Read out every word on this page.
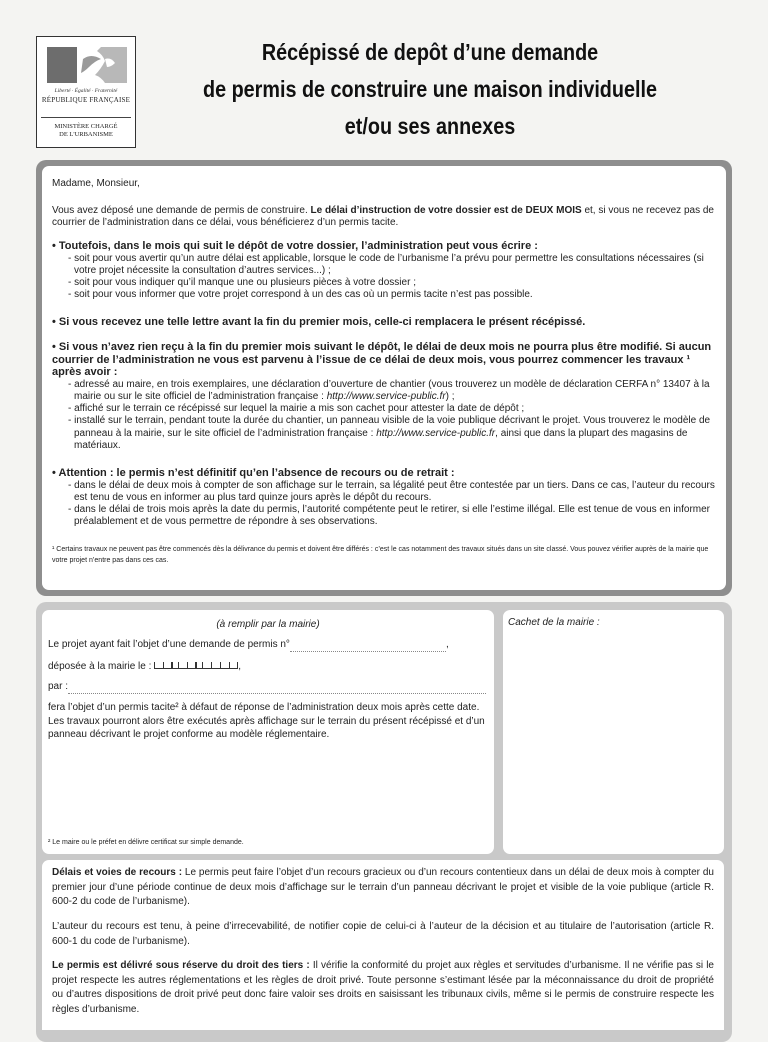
Liberté · Égalité · Fraternité
RÉPUBLIQUE FRANÇAISE
MINISTÈRE CHARGÉ
DE L'URBANISME
Récépissé de depôt d’une demande
de permis de construire une maison individuelle
et/ou ses annexes
Madame, Monsieur,
Vous avez déposé une demande de permis de construire. Le délai d’instruction de votre dossier est de DEUX MOIS et, si vous ne recevez pas de courrier de l’administration dans ce délai, vous bénéficierez d’un permis tacite.
• Toutefois, dans le mois qui suit le dépôt de votre dossier, l’administration peut vous écrire :
- soit pour vous avertir qu’un autre délai est applicable, lorsque le code de l’urbanisme l’a prévu pour permettre les consultations nécessaires (si votre projet nécessite la consultation d’autres services...) ;
- soit pour vous indiquer qu’il manque une ou plusieurs pièces à votre dossier ;
- soit pour vous informer que votre projet correspond à un des cas où un permis tacite n’est pas possible.
• Si vous recevez une telle lettre avant la fin du premier mois, celle-ci remplacera le présent récépissé.
• Si vous n’avez rien reçu à la fin du premier mois suivant le dépôt, le délai de deux mois ne pourra plus être modifié. Si aucun courrier de l’administration ne vous est parvenu à l’issue de ce délai de deux mois, vous pourrez commencer les travaux ¹ après avoir :
- adressé au maire, en trois exemplaires, une déclaration d’ouverture de chantier (vous trouverez un modèle de déclaration CERFA n° 13407 à la mairie ou sur le site officiel de l’administration française : http://www.service-public.fr) ;
- affiché sur le terrain ce récépissé sur lequel la mairie a mis son cachet pour attester la date de dépôt ;
- installé sur le terrain, pendant toute la durée du chantier, un panneau visible de la voie publique décrivant le projet. Vous trouverez le modèle de panneau à la mairie, sur le site officiel de l’administration française : http://www.service-public.fr, ainsi que dans la plupart des magasins de matériaux.
• Attention : le permis n’est définitif qu’en l’absence de recours ou de retrait :
- dans le délai de deux mois à compter de son affichage sur le terrain, sa légalité peut être contestée par un tiers. Dans ce cas, l’auteur du recours est tenu de vous en informer au plus tard quinze jours après le dépôt du recours.
- dans le délai de trois mois après la date du permis, l’autorité compétente peut le retirer, si elle l’estime illégal. Elle est tenue de vous en informer préalablement et de vous permettre de répondre à ses observations.
¹ Certains travaux ne peuvent pas être commencés dès la délivrance du permis et doivent être différés : c’est le cas notamment des travaux situés dans un site classé. Vous pouvez vérifier auprès de la mairie que votre projet n’entre pas dans ces cas.
(à remplir par la mairie)
Le projet ayant fait l’objet d’une demande de permis n°	,
déposée à la mairie le :	,
par :
fera l’objet d’un permis tacite² à défaut de réponse de l’administration deux mois après cette date. Les travaux pourront alors être exécutés après affichage sur le terrain du présent récépissé et d’un panneau décrivant le projet conforme au modèle réglementaire.
² Le maire ou le préfet en délivre certificat sur simple demande.
Cachet de la mairie :
Délais et voies de recours : Le permis peut faire l’objet d’un recours gracieux ou d’un recours contentieux dans un délai de deux mois à compter du premier jour d’une période continue de deux mois d’affichage sur le terrain d’un panneau décrivant le projet et visible de la voie publique (article R. 600-2 du code de l’urbanisme).
L’auteur du recours est tenu, à peine d’irrecevabilité, de notifier copie de celui-ci à l’auteur de la décision et au titulaire de l’autorisation (article R. 600-1 du code de l’urbanisme).
Le permis est délivré sous réserve du droit des tiers : Il vérifie la conformité du projet aux règles et servitudes d’urbanisme. Il ne vérifie pas si le projet respecte les autres réglementations et les règles de droit privé. Toute personne s’estimant lésée par la méconnaissance du droit de propriété ou d’autres dispositions de droit privé peut donc faire valoir ses droits en saisissant les tribunaux civils, même si le permis de construire respecte les règles d’urbanisme.
